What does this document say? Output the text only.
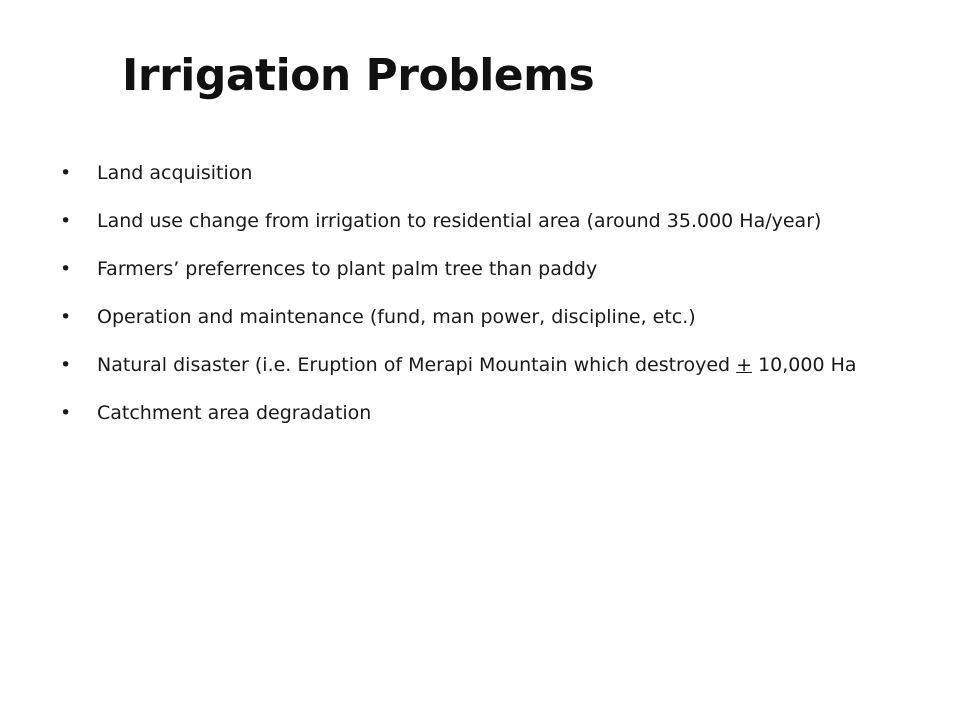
Irrigation Problems
• Land acquisition
• Land use change from irrigation to residential area (around 35.000 Ha/year)
• Farmers’ preferrences to plant palm tree than paddy
• Operation and maintenance (fund, man power, discipline, etc.)
• Natural disaster (i.e. Eruption of Merapi Mountain which destroyed + 10,000 Ha
• Catchment area degradation
